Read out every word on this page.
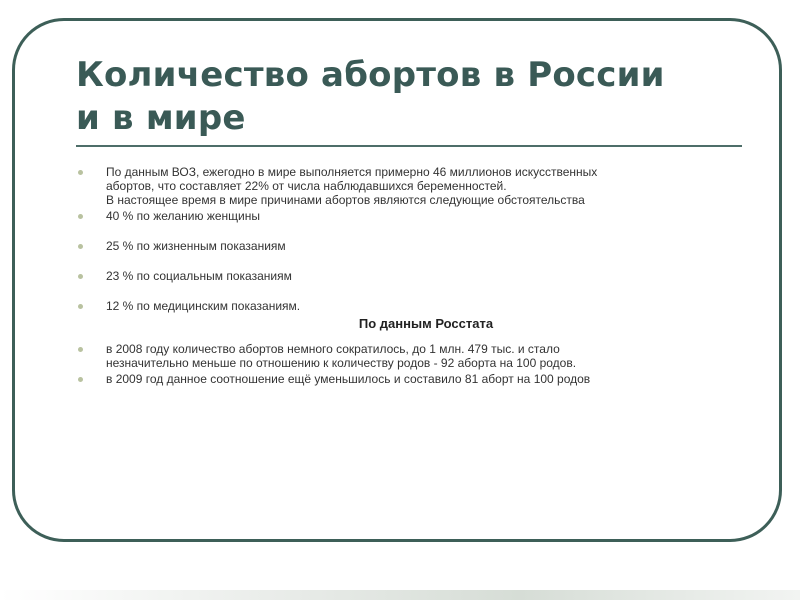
Количество абортов в России
и в мире
По данным ВОЗ, ежегодно в мире выполняется примерно 46 миллионов искусственных
абортов, что составляет 22% от числа наблюдавшихся беременностей.
В настоящее время в мире причинами абортов являются следующие обстоятельства
40 % по желанию женщины
25 % по жизненным показаниям
23 % по социальным показаниям
12 % по медицинским показаниям.
По данным Росстата
в 2008 году количество абортов немного сократилось, до 1 млн. 479 тыс. и стало
незначительно меньше по отношению к количеству родов - 92 аборта на 100 родов.
в 2009 год данное соотношение ещё уменьшилось и составило 81 аборт на 100 родов
